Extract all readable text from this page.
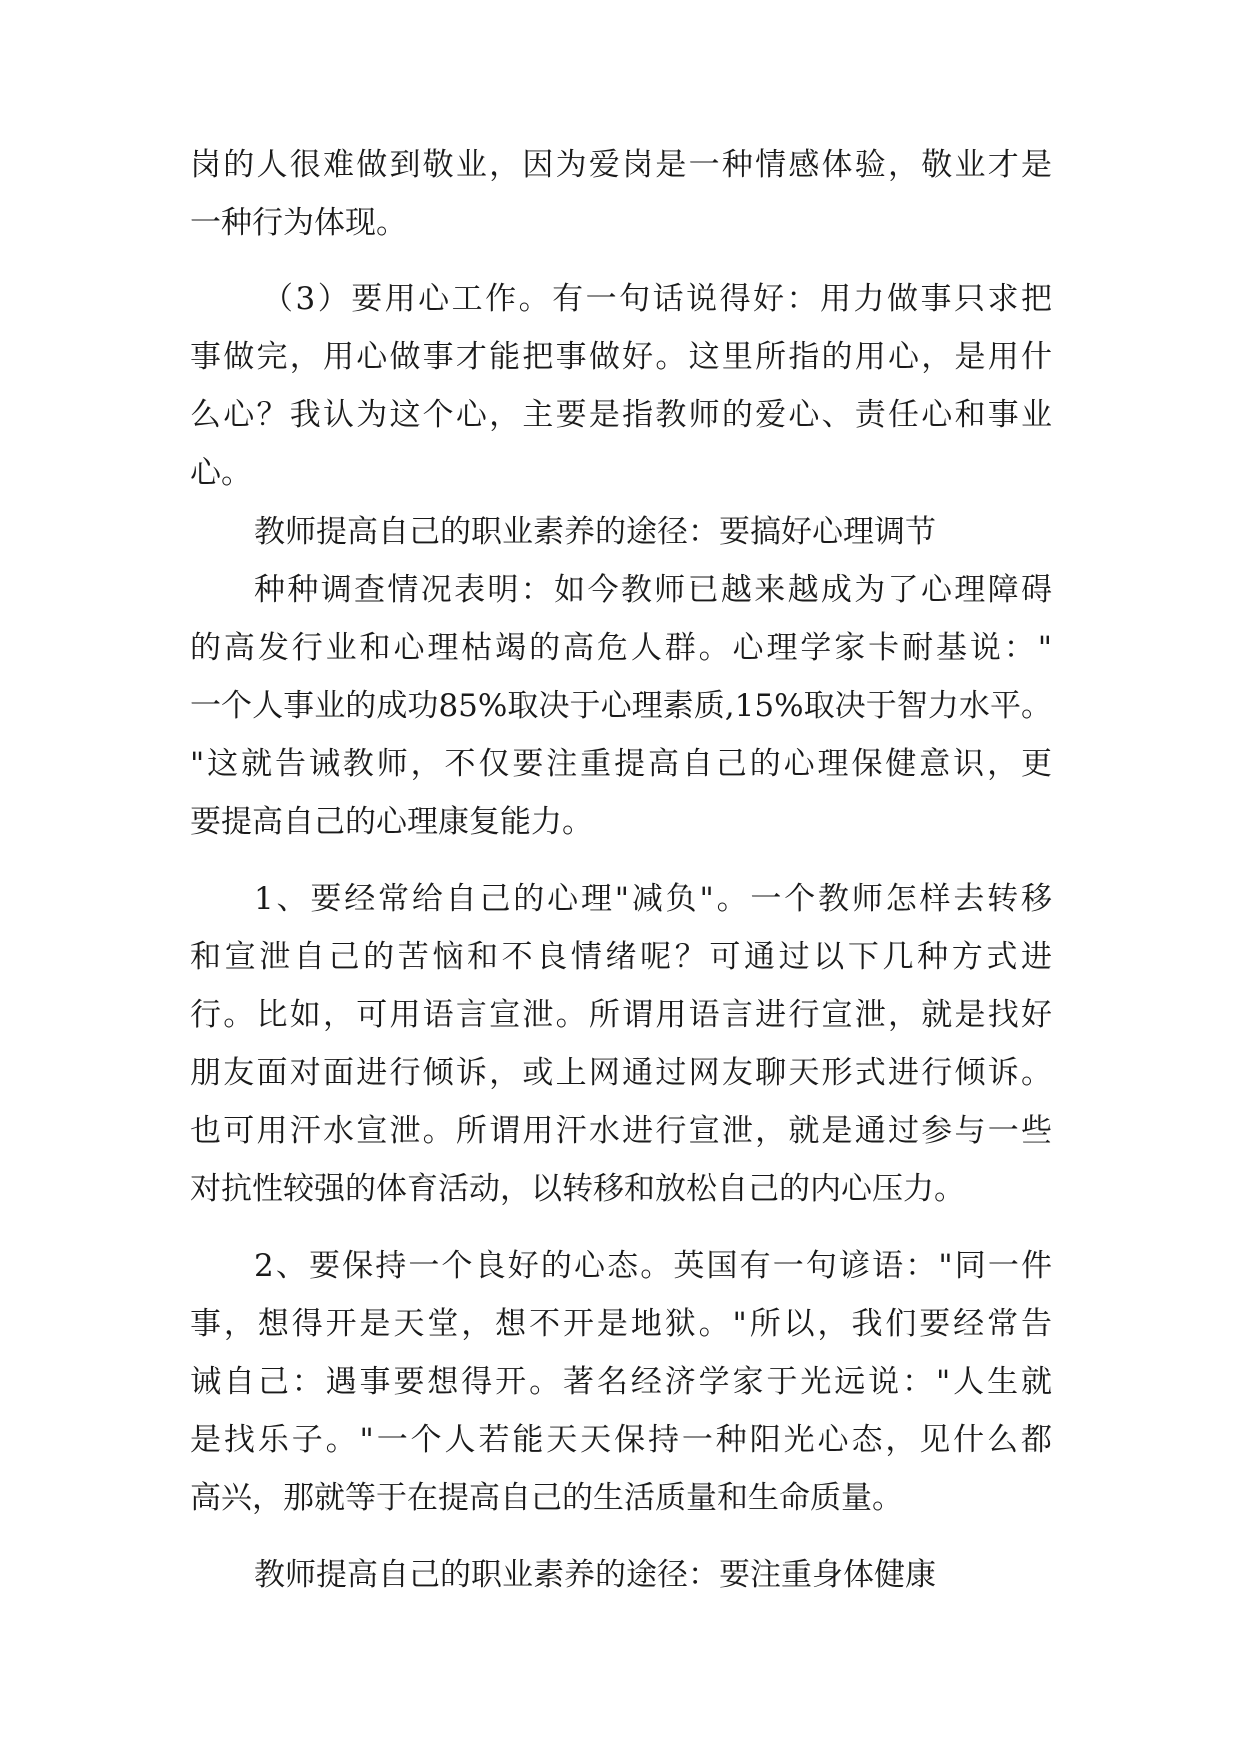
岗的人很难做到敬业，因为爱岗是一种情感体验，敬业才是
一种行为体现。
（3）要用心工作。有一句话说得好：用力做事只求把
事做完，用心做事才能把事做好。这里所指的用心，是用什
么心？我认为这个心，主要是指教师的爱心、责任心和事业
心。
教师提高自己的职业素养的途径：要搞好心理调节
种种调查情况表明：如今教师已越来越成为了心理障碍
的高发行业和心理枯竭的高危人群。心理学家卡耐基说："
一个人事业的成功85%取决于心理素质,15%取决于智力水平。
"这就告诫教师，不仅要注重提高自己的心理保健意识，更
要提高自己的心理康复能力。
1、要经常给自己的心理"减负"。一个教师怎样去转移
和宣泄自己的苦恼和不良情绪呢？可通过以下几种方式进
行。比如，可用语言宣泄。所谓用语言进行宣泄，就是找好
朋友面对面进行倾诉，或上网通过网友聊天形式进行倾诉。
也可用汗水宣泄。所谓用汗水进行宣泄，就是通过参与一些
对抗性较强的体育活动，以转移和放松自己的内心压力。
2、要保持一个良好的心态。英国有一句谚语："同一件
事，想得开是天堂，想不开是地狱。"所以，我们要经常告
诫自己：遇事要想得开。著名经济学家于光远说："人生就
是找乐子。"一个人若能天天保持一种阳光心态，见什么都
高兴，那就等于在提高自己的生活质量和生命质量。
教师提高自己的职业素养的途径：要注重身体健康
